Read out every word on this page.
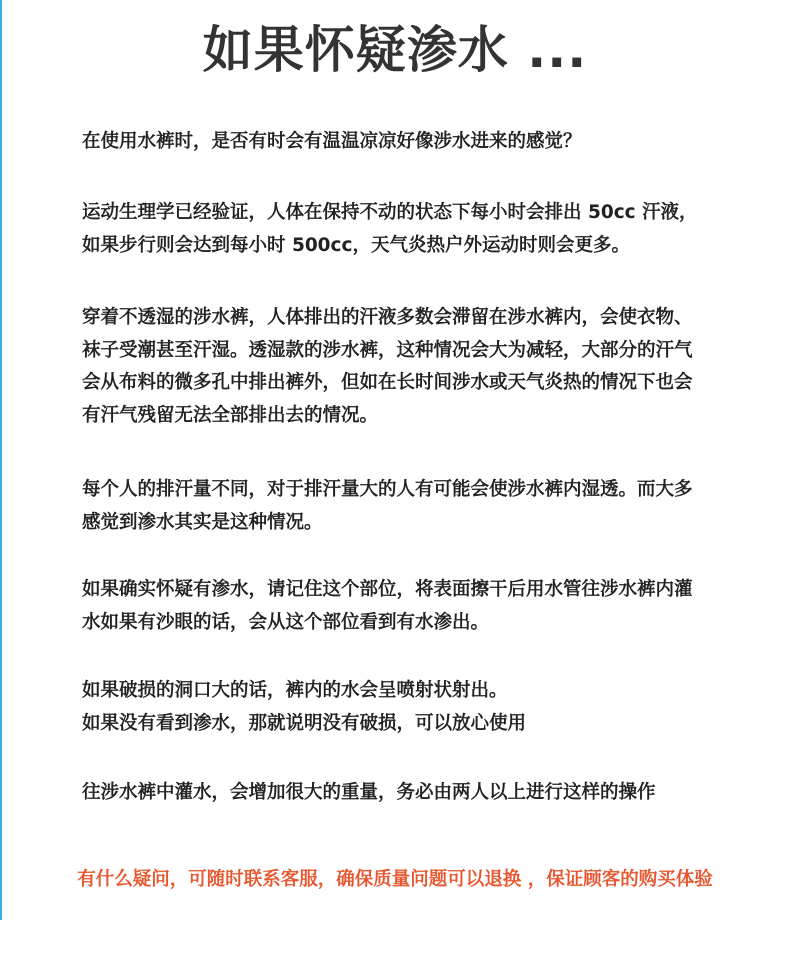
如果怀疑渗水 ...
在使用水裤时，是否有时会有温温凉凉好像涉水进来的感觉？
运动生理学已经验证，人体在保持不动的状态下每小时会排出 50cc 汗液，
如果步行则会达到每小时 500cc，天气炎热户外运动时则会更多。
穿着不透湿的涉水裤，人体排出的汗液多数会滞留在涉水裤内，会使衣物、
袜子受潮甚至汗湿。透湿款的涉水裤，这种情况会大为减轻，大部分的汗气
会从布料的微多孔中排出裤外，但如在长时间涉水或天气炎热的情况下也会
有汗气残留无法全部排出去的情况。
每个人的排汗量不同，对于排汗量大的人有可能会使涉水裤内湿透。而大多
感觉到渗水其实是这种情况。
如果确实怀疑有渗水，请记住这个部位，将表面擦干后用水管往涉水裤内灌
水如果有沙眼的话，会从这个部位看到有水渗出。
如果破损的洞口大的话，裤内的水会呈喷射状射出。
如果没有看到渗水，那就说明没有破损，可以放心使用
往涉水裤中灌水，会增加很大的重量，务必由两人以上进行这样的操作
有什么疑问，可随时联系客服，确保质量问题可以退换 ，保证顾客的购买体验
